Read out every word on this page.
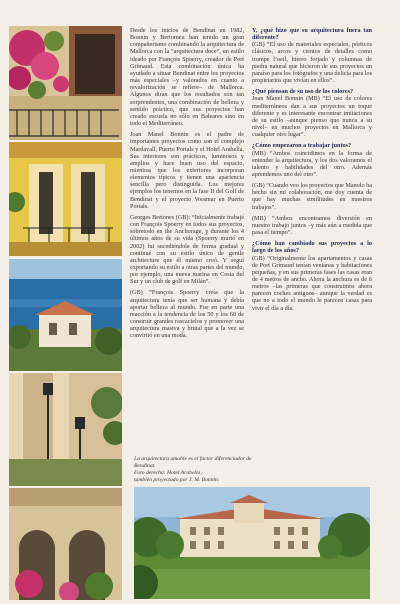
Desde los inicios de Bendinat en 1982, Bonnin y Bertomeu han tenido un gran compañerismo combinando la arquitectura de Mallorca con la “arquitectura doce”, un estilo ideado por François Spoerry, creador de Port Grimaud. Esta combinación única ha ayudado a situar Bendinat entre los proyectos más especiales –y valorados en cuanto a revalorización se refiere– de Mallorca. Algunos diran que los resultados son tan sorprendentes, una combinación de belleza y sentido práctico, que sus proyectos han creado escuela no sólo en Baleares sino en todo el Mediterráneo.

Joan Manel Bonnin es el padre de importantes proyectos como son el complejo Mardavall, Puerto Portals y el Hotel Arabella. Sus interiores son prácticos, luminosos y amplios y hace buen uso del espacio, mientras que los exteriores incorporan elementos típicos y tienen una apariencia sencilla pero distinguida. Los mejores ejemplos los tenemos en la fase II del Golf de Bendinat y el proyecto Voramar en Puerto Portals.

Georges Bretones (GB): “Inicialmente trabajé con François Spoerry en todos sus proyectos, sobretodo en the Anchorage, y durante los 4 últimos años de su vida (Spoerry murió en 2002) fui sucediéndole de forma gradual y continué con su estilo único de gentle architecture que él mismo creó. Y seguí exportando su estilo a otras partes del mundo, por ejemplo, una nueva marina en Costa del Sur y un club de golf en Milán”.

(GB) “François Spoerry creía que la arquitectura tenía que ser humana y debía aportar belleza al mundo. Fue en parte una reacción a la tendencia de los 50 y los 60 de construir grandes rascacielos y promover una arquitectura masiva y brutal que a la vez se convirtió en una moda.

Y, ¿qué hizo que su arquitectura fuera tan diferente?

(GB) “El uso de materiales especiales, pórticos clásicos, arcos y cientos de detalles como trompe l’oeil, hierro forjado y columnas de piedra natural que hicieron de sus proyectos un paraíso para los fotógrafos y una delicia para los propietarios que vivían en ellos”.

¿Qué piensan de su uso de los colores?

Joan Manel Bonnin (MB) “El uso de colores mediterráneos dan a sus proyectos un toque diferente y es interesante encontrar imitaciones de su estilo –aunque pienso que nunca a su nivel– en muchos proyectos en Mallorca y cualquier otro lugar”.

¿Cómo empezaron a trabajar juntos?

(MB) “Ambos coincidimos en la forma de entender la arquitectura, y los dos valoramos el talento y habilidades del otro. Además aprendemos uno del otro”.

(GB) “Cuando veo los proyectos que Manolo ha hecho sin mi colaboración, me doy cuenta de que hay muchas similitudes en nuestros trabajos”.

(MB) “Ambos encontramos diversión en nuestro trabajo juntos –y más aún a medida que pasa el tiempo”.

¿Cómo han cambiado sus proyectos a lo largo de los años?

(GB) “Originalmente los apartamentos y casas de Port Grimaud tenían ventanas y habitaciones pequeñas, y en sus primeras fases las casas eran de 4 metros de ancho. Ahora la anchura es de 6 metros –las primeras que construimos ahora parecen coches antiguos– aunque la verdad es que no a todo el mundo le parecen casas para vivir el día a día.

La arquitectura amable es el factor diferenciador de Bendinat.

Foto derecha: Hotel Arabella,

también proyectado por J. M. Bonnin.
